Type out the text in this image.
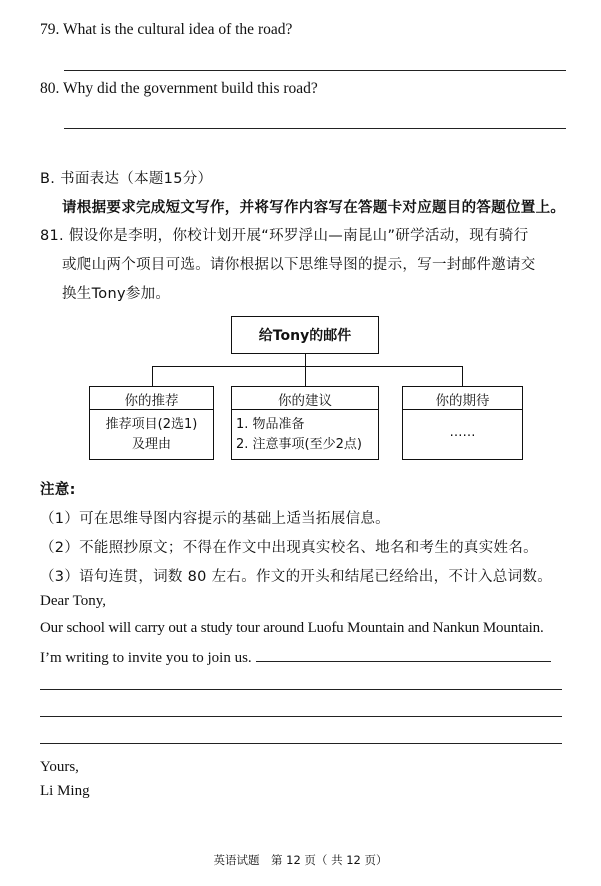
79. What is the cultural idea of the road?
80. Why did the government build this road?
B. 书面表达（本题15分）
请根据要求完成短文写作，并将写作内容写在答题卡对应题目的答题位置上。
81. 假设你是李明，你校计划开展“环罗浮山—南昆山”研学活动，现有骑行
或爬山两个项目可选。请你根据以下思维导图的提示，写一封邮件邀请交
换生Tony参加。
给Tony的邮件
你的推荐
推荐项目(2选1)
及理由
你的建议
1. 物品准备
2. 注意事项(至少2点)
你的期待
……
注意:
（1）可在思维导图内容提示的基础上适当拓展信息。
（2）不能照抄原文；不得在作文中出现真实校名、地名和考生的真实姓名。
（3）语句连贯，词数 80 左右。作文的开头和结尾已经给出，不计入总词数。
Dear Tony,
Our school will carry out a study tour around Luofu Mountain and Nankun Mountain.
I’m writing to invite you to join us.
Yours,
Li Ming
英语试题　第 12 页（ 共 12 页）
